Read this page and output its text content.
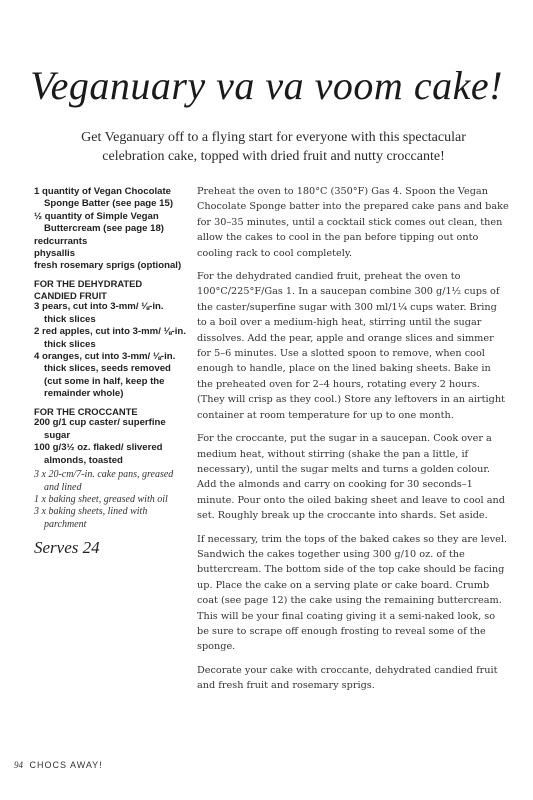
Veganuary va va voom cake!
Get Veganuary off to a flying start for everyone with this spectacular celebration cake, topped with dried fruit and nutty croccante!

1 quantity of Vegan Chocolate Sponge Batter (see page 15)

½ quantity of Simple Vegan Buttercream (see page 18)

redcurrants

physallis

fresh rosemary sprigs (optional)

FOR THE DEHYDRATED CANDIED FRUIT

3 pears, cut into 3-mm/ ⅛-in. thick slices

2 red apples, cut into 3-mm/ ⅛-in. thick slices

4 oranges, cut into 3-mm/ ⅛-in. thick slices, seeds removed (cut some in half, keep the remainder whole)

FOR THE CROCCANTE

200 g/1 cup caster/ superfine sugar

100 g/3½ oz. flaked/ slivered almonds, toasted

3 x 20-cm/7-in. cake pans, greased and lined

1 x baking sheet, greased with oil

3 x baking sheets, lined with parchment

Serves 24

Preheat the oven to 180°C (350°F) Gas 4. Spoon the Vegan Chocolate Sponge batter into the prepared cake pans and bake for 30–35 minutes, until a cocktail stick comes out clean, then allow the cakes to cool in the pan before tipping out onto cooling rack to cool completely.

For the dehydrated candied fruit, preheat the oven to 100°C/225°F/Gas 1. In a saucepan combine 300 g/1½ cups of the caster/superfine sugar with 300 ml/1¼ cups water. Bring to a boil over a medium-high heat, stirring until the sugar dissolves. Add the pear, apple and orange slices and simmer for 5–6 minutes. Use a slotted spoon to remove, when cool enough to handle, place on the lined baking sheets. Bake in the preheated oven for 2–4 hours, rotating every 2 hours. (They will crisp as they cool.) Store any leftovers in an airtight container at room temperature for up to one month.

For the croccante, put the sugar in a saucepan. Cook over a medium heat, without stirring (shake the pan a little, if necessary), until the sugar melts and turns a golden colour. Add the almonds and carry on cooking for 30 seconds–1 minute. Pour onto the oiled baking sheet and leave to cool and set. Roughly break up the croccante into shards. Set aside.

If necessary, trim the tops of the baked cakes so they are level. Sandwich the cakes together using 300 g/10 oz. of the buttercream. The bottom side of the top cake should be facing up. Place the cake on a serving plate or cake board. Crumb coat (see page 12) the cake using the remaining buttercream. This will be your final coating giving it a semi-naked look, so be sure to scrape off enough frosting to reveal some of the sponge.

Decorate your cake with croccante, dehydrated candied fruit and fresh fruit and rosemary sprigs.

94 CHOCS AWAY!
